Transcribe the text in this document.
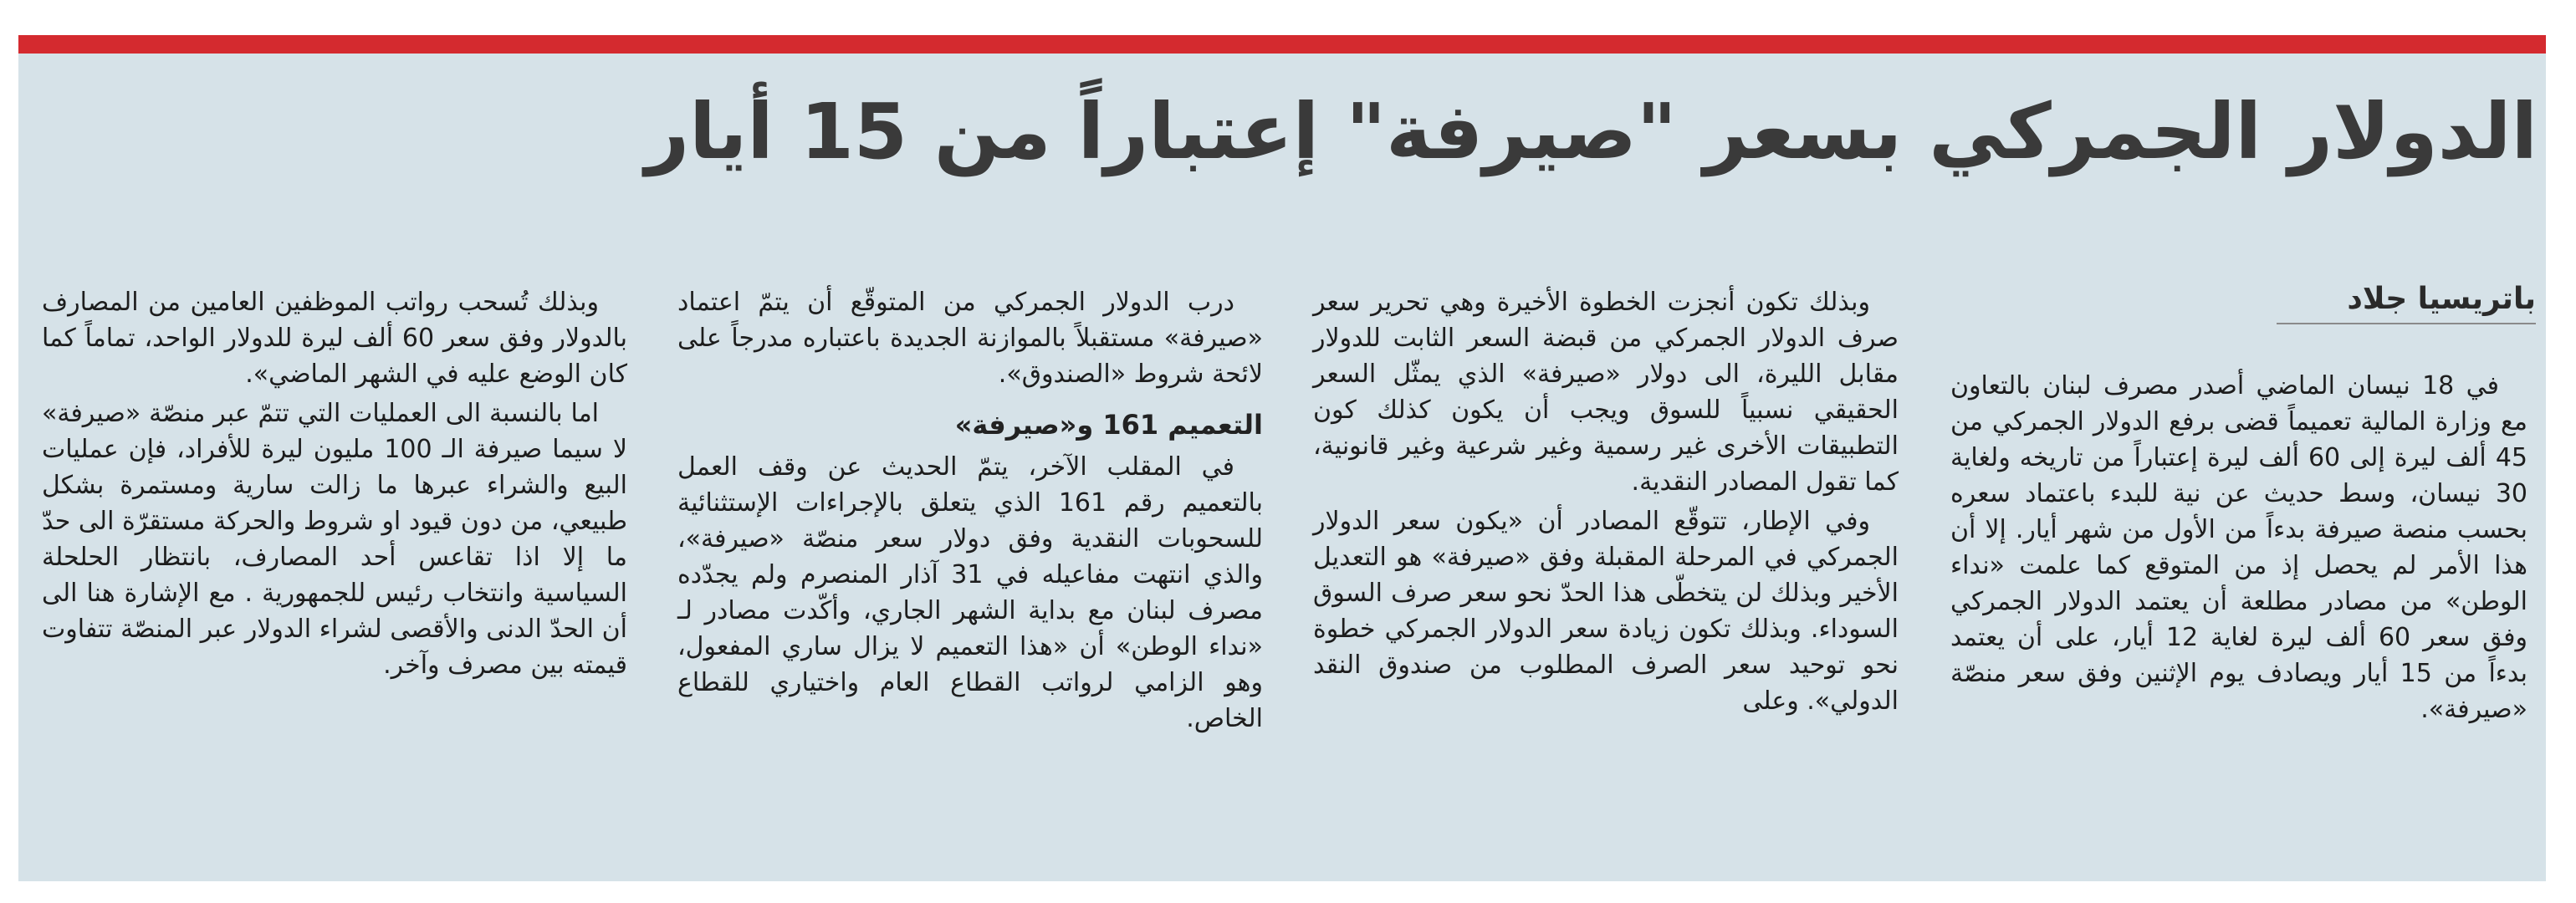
الدولار الجمركي بسعر "صيرفة" إعتباراً من 15 أيار
باتريسيا جلاد

في 18 نيسان الماضي أصدر مصرف لبنان بالتعاون مع وزارة المالية تعميماً قضى برفع الدولار الجمركي من 45 ألف ليرة إلى 60 ألف ليرة إعتباراً من تاريخه ولغاية 30 نيسان، وسط حديث عن نية للبدء باعتماد سعره بحسب منصة صيرفة بدءاً من الأول من شهر أيار. إلا أن هذا الأمر لم يحصل إذ من المتوقع كما علمت «نداء الوطن» من مصادر مطلعة أن يعتمد الدولار الجمركي وفق سعر 60 ألف ليرة لغاية 12 أيار، على أن يعتمد بدءاً من 15 أيار ويصادف يوم الإثنين وفق سعر منصّة «صيرفة».

وبذلك تكون أنجزت الخطوة الأخيرة وهي تحرير سعر صرف الدولار الجمركي من قبضة السعر الثابت للدولار مقابل الليرة، الى دولار «صيرفة» الذي يمثّل السعر الحقيقي نسبياً للسوق ويجب أن يكون كذلك كون التطبيقات الأخرى غير رسمية وغير شرعية وغير قانونية، كما تقول المصادر النقدية.

وفي الإطار، تتوقّع المصادر أن «يكون سعر الدولار الجمركي في المرحلة المقبلة وفق «صيرفة» هو التعديل الأخير وبذلك لن يتخطّى هذا الحدّ نحو سعر صرف السوق السوداء. وبذلك تكون زيادة سعر الدولار الجمركي خطوة نحو توحيد سعر الصرف المطلوب من صندوق النقد الدولي». وعلى

درب الدولار الجمركي من المتوقّع أن يتمّ اعتماد «صيرفة» مستقبلاً بالموازنة الجديدة باعتباره مدرجاً على لائحة شروط «الصندوق».

التعميم 161 و«صيرفة»

في المقلب الآخر، يتمّ الحديث عن وقف العمل بالتعميم رقم 161 الذي يتعلق بالإجراءات الإستثنائية للسحوبات النقدية وفق دولار سعر منصّة «صيرفة»، والذي انتهت مفاعيله في 31 آذار المنصرم ولم يجدّده مصرف لبنان مع بداية الشهر الجاري، وأكّدت مصادر لـ «نداء الوطن» أن «هذا التعميم لا يزال ساري المفعول، وهو الزامي لرواتب القطاع العام واختياري للقطاع الخاص.

وبذلك تُسحب رواتب الموظفين العامين من المصارف بالدولار وفق سعر 60 ألف ليرة للدولار الواحد، تماماً كما كان الوضع عليه في الشهر الماضي».

اما بالنسبة الى العمليات التي تتمّ عبر منصّة «صيرفة» لا سيما صيرفة الـ 100 مليون ليرة للأفراد، فإن عمليات البيع والشراء عبرها ما زالت سارية ومستمرة بشكل طبيعي، من دون قيود او شروط والحركة مستقرّة الى حدّ ما إلا اذا تقاعس أحد المصارف، بانتظار الحلحلة السياسية وانتخاب رئيس للجمهورية . مع الإشارة هنا الى أن الحدّ الدنى والأقصى لشراء الدولار عبر المنصّة تتفاوت قيمته بين مصرف وآخر.
